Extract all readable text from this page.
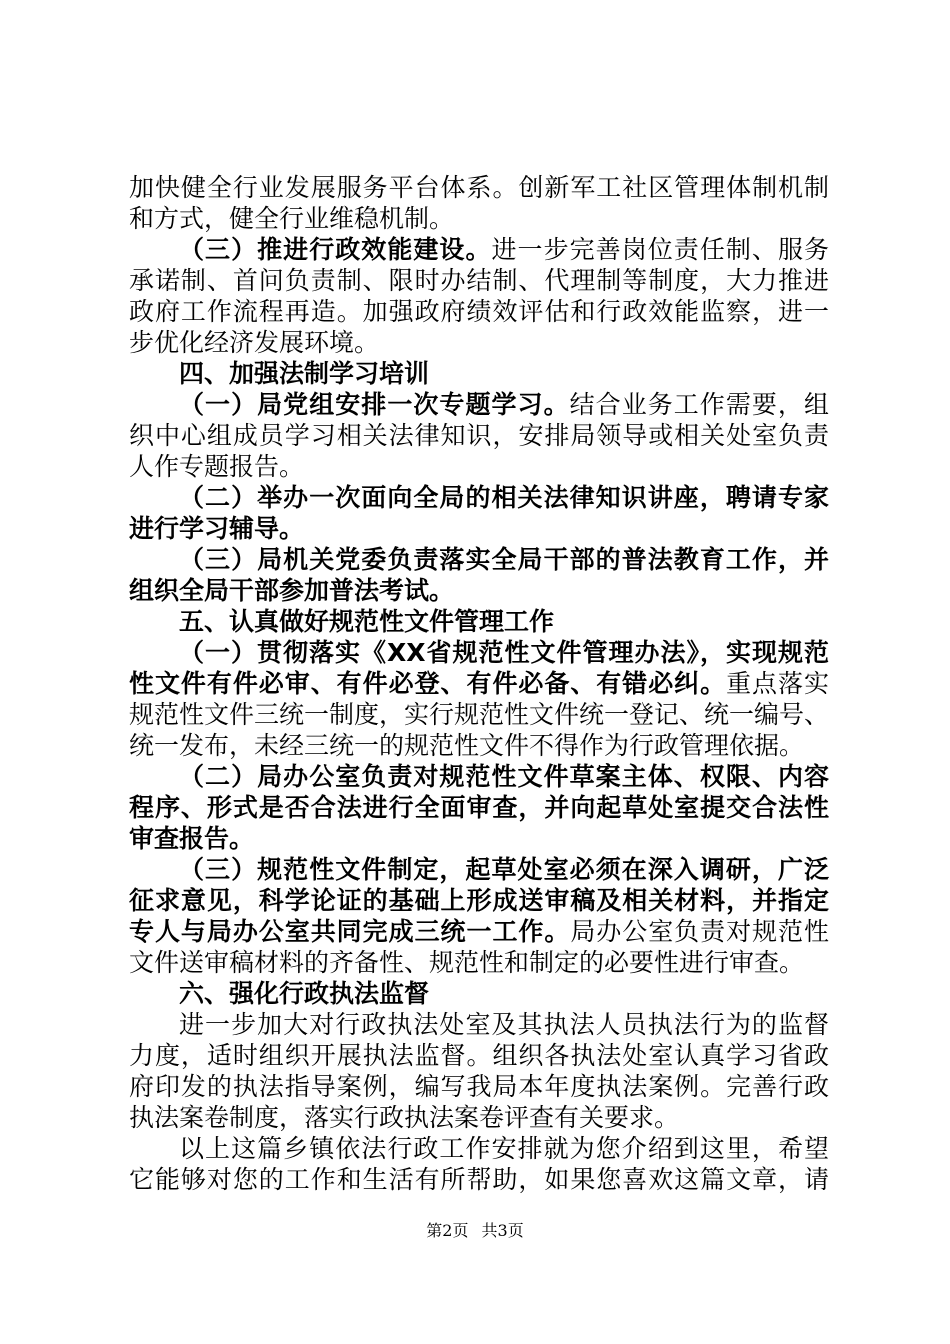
加快健全行业发展服务平台体系。创新军工社区管理体制机制
和方式，健全行业维稳机制。
（三）推进行政效能建设。进一步完善岗位责任制、服务
承诺制、首问负责制、限时办结制、代理制等制度，大力推进
政府工作流程再造。加强政府绩效评估和行政效能监察，进一
步优化经济发展环境。
四、加强法制学习培训
（一）局党组安排一次专题学习。结合业务工作需要，组
织中心组成员学习相关法律知识，安排局领导或相关处室负责
人作专题报告。
（二）举办一次面向全局的相关法律知识讲座，聘请专家
进行学习辅导。
（三）局机关党委负责落实全局干部的普法教育工作，并
组织全局干部参加普法考试。
五、认真做好规范性文件管理工作
（一）贯彻落实《XX省规范性文件管理办法》，实现规范
性文件有件必审、有件必登、有件必备、有错必纠。重点落实
规范性文件三统一制度，实行规范性文件统一登记、统一编号、
统一发布，未经三统一的规范性文件不得作为行政管理依据。
（二）局办公室负责对规范性文件草案主体、权限、内容
程序、形式是否合法进行全面审查，并向起草处室提交合法性
审查报告。
（三）规范性文件制定，起草处室必须在深入调研，广泛
征求意见，科学论证的基础上形成送审稿及相关材料，并指定
专人与局办公室共同完成三统一工作。局办公室负责对规范性
文件送审稿材料的齐备性、规范性和制定的必要性进行审查。
六、强化行政执法监督
进一步加大对行政执法处室及其执法人员执法行为的监督
力度，适时组织开展执法监督。组织各执法处室认真学习省政
府印发的执法指导案例，编写我局本年度执法案例。完善行政
执法案卷制度，落实行政执法案卷评查有关要求。
以上这篇乡镇依法行政工作安排就为您介绍到这里，希望
它能够对您的工作和生活有所帮助，如果您喜欢这篇文章，请
第2页 共3页
